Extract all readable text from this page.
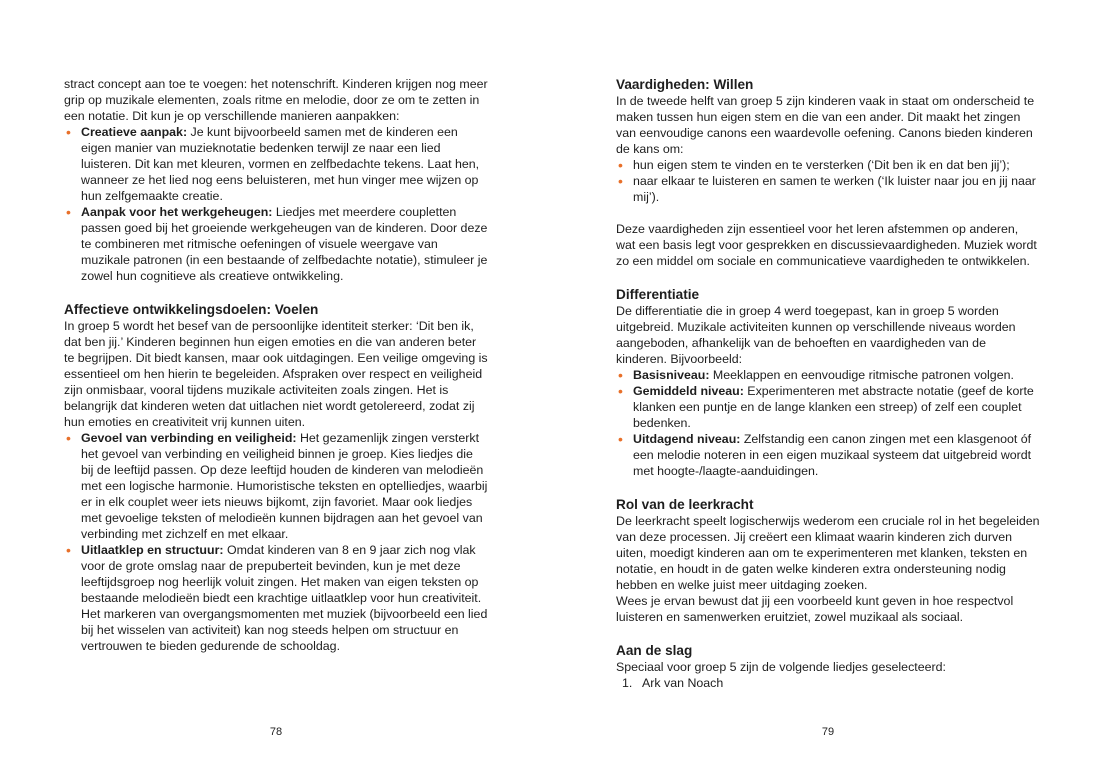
stract concept aan toe te voegen: het notenschrift. Kinderen krijgen nog meer grip op muzikale elementen, zoals ritme en melodie, door ze om te zetten in een notatie. Dit kun je op verschillende manieren aanpakken:

• Creatieve aanpak: Je kunt bijvoorbeeld samen met de kinderen een eigen manier van muzieknotatie bedenken terwijl ze naar een lied luisteren. Dit kan met kleuren, vormen en zelfbedachte tekens. Laat hen, wanneer ze het lied nog eens beluisteren, met hun vinger mee wijzen op hun zelfgemaakte creatie.
• Aanpak voor het werkgeheugen: Liedjes met meerdere coupletten passen goed bij het groeiende werkgeheugen van de kinderen. Door deze te combineren met ritmische oefeningen of visuele weergave van muzikale patronen (in een bestaande of zelfbedachte notatie), stimuleer je zowel hun cognitieve als creatieve ontwikkeling.

Affectieve ontwikkelingsdoelen: Voelen

In groep 5 wordt het besef van de persoonlijke identiteit sterker: ‘Dit ben ik, dat ben jij.’ Kinderen beginnen hun eigen emoties en die van anderen beter te begrijpen. Dit biedt kansen, maar ook uitdagingen. Een veilige omgeving is essentieel om hen hierin te begeleiden. Afspraken over respect en veiligheid zijn onmisbaar, vooral tijdens muzikale activiteiten zoals zingen. Het is belangrijk dat kinderen weten dat uitlachen niet wordt getolereerd, zodat zij hun emoties en creativiteit vrij kunnen uiten.

• Gevoel van verbinding en veiligheid: Het gezamenlijk zingen versterkt het gevoel van verbinding en veiligheid binnen je groep. Kies liedjes die bij de leeftijd passen. Op deze leeftijd houden de kinderen van melodieën met een logische harmonie. Humoristische teksten en optelliedjes, waarbij er in elk couplet weer iets nieuws bijkomt, zijn favoriet. Maar ook liedjes met gevoelige teksten of melodieën kunnen bijdragen aan het gevoel van verbinding met zichzelf en met elkaar.
• Uitlaatklep en structuur: Omdat kinderen van 8 en 9 jaar zich nog vlak voor de grote omslag naar de prepuberteit bevinden, kun je met deze leeftijdsgroep nog heerlijk voluit zingen. Het maken van eigen teksten op bestaande melodieën biedt een krachtige uitlaatklep voor hun creativiteit. Het markeren van overgangsmomenten met muziek (bijvoorbeeld een lied bij het wisselen van activiteit) kan nog steeds helpen om structuur en vertrouwen te bieden gedurende de schooldag.
78

Vaardigheden: Willen

In de tweede helft van groep 5 zijn kinderen vaak in staat om onderscheid te maken tussen hun eigen stem en die van een ander. Dit maakt het zingen van eenvoudige canons een waardevolle oefening. Canons bieden kinderen de kans om:

• hun eigen stem te vinden en te versterken (‘Dit ben ik en dat ben jij’);
• naar elkaar te luisteren en samen te werken (‘Ik luister naar jou en jij naar mij’).

Deze vaardigheden zijn essentieel voor het leren afstemmen op anderen, wat een basis legt voor gesprekken en discussievaardigheden. Muziek wordt zo een middel om sociale en communicatieve vaardigheden te ontwikkelen.

Differentiatie

De differentiatie die in groep 4 werd toegepast, kan in groep 5 worden uitgebreid. Muzikale activiteiten kunnen op verschillende niveaus worden aangeboden, afhankelijk van de behoeften en vaardigheden van de kinderen. Bijvoorbeeld:

• Basisniveau: Meeklappen en eenvoudige ritmische patronen volgen.
• Gemiddeld niveau: Experimenteren met abstracte notatie (geef de korte klanken een puntje en de lange klanken een streep) of zelf een couplet bedenken.
• Uitdagend niveau: Zelfstandig een canon zingen met een klasgenoot óf een melodie noteren in een eigen muzikaal systeem dat uitgebreid wordt met hoogte-/laagte-aanduidingen.

Rol van de leerkracht

De leerkracht speelt logischerwijs wederom een cruciale rol in het begeleiden van deze processen. Jij creëert een klimaat waarin kinderen zich durven uiten, moedigt kinderen aan om te experimenteren met klanken, teksten en notatie, en houdt in de gaten welke kinderen extra ondersteuning nodig hebben en welke juist meer uitdaging zoeken.

Wees je ervan bewust dat jij een voorbeeld kunt geven in hoe respectvol luisteren en samenwerken eruitziet, zowel muzikaal als sociaal.

Aan de slag

Speciaal voor groep 5 zijn de volgende liedjes geselecteerd:

1. Ark van Noach
79
